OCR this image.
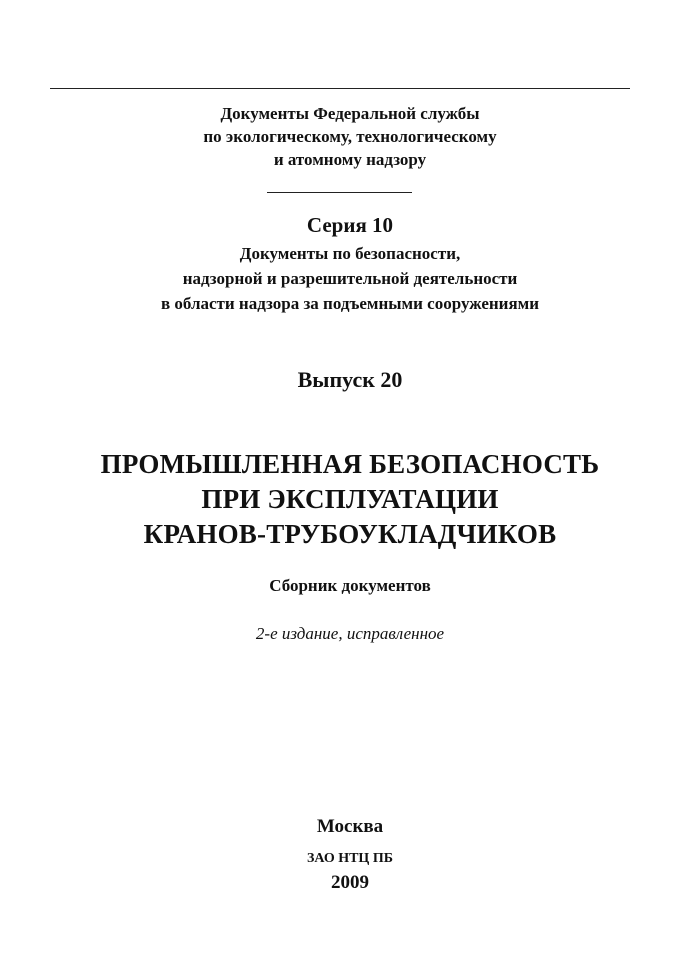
Документы Федеральной службы
по экологическому, технологическому
и атомному надзору
Серия 10
Документы по безопасности,
надзорной и разрешительной деятельности
в области надзора за подъемными сооружениями
Выпуск 20
ПРОМЫШЛЕННАЯ БЕЗОПАСНОСТЬ
ПРИ ЭКСПЛУАТАЦИИ
КРАНОВ-ТРУБОУКЛАДЧИКОВ
Сборник документов
2-е издание, исправленное
Москва
ЗАО НТЦ ПБ
2009
